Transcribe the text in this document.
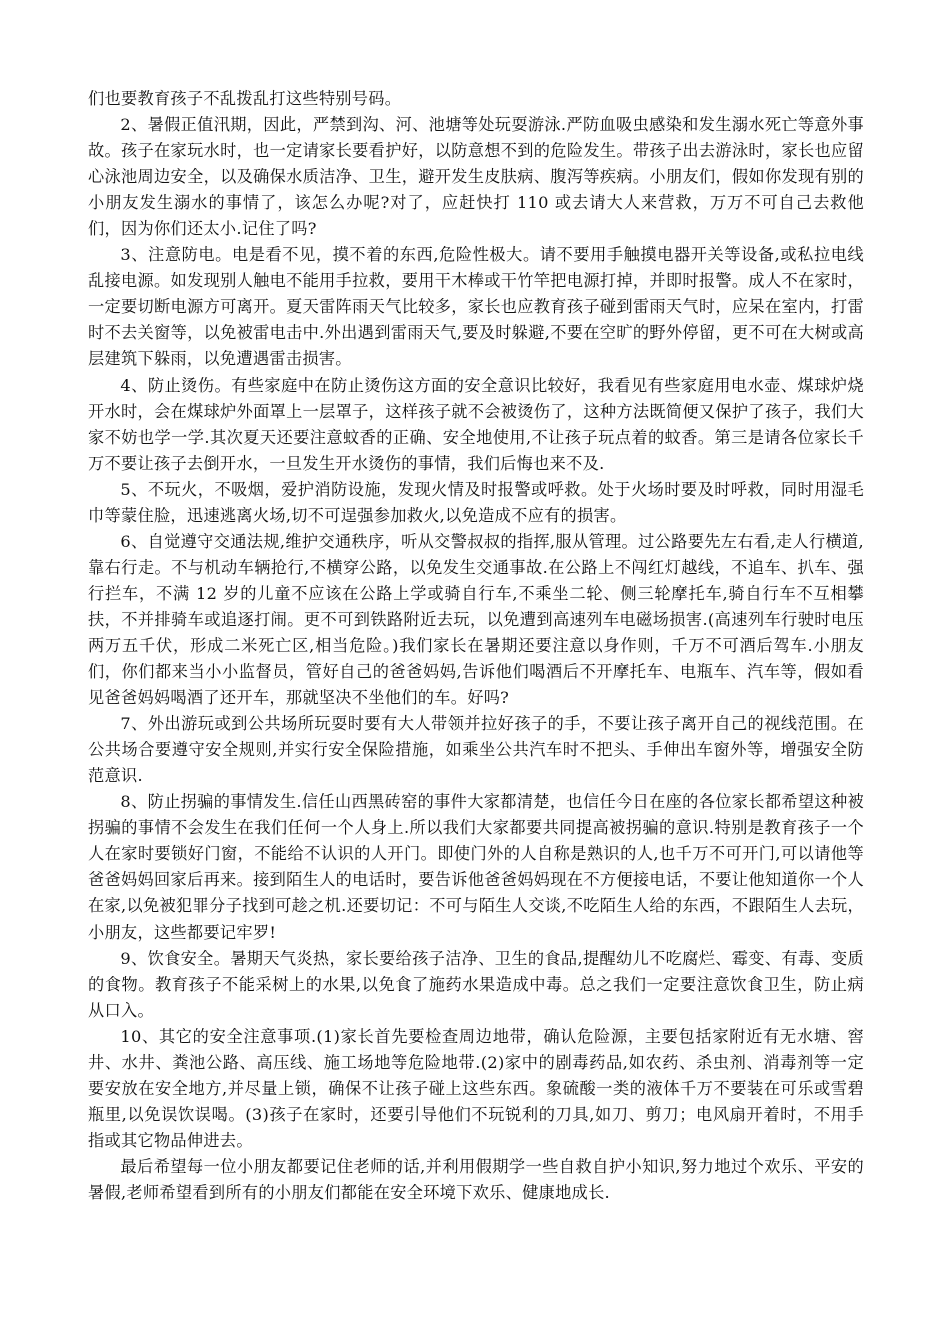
们也要教育孩子不乱拨乱打这些特别号码。

2、暑假正值汛期，因此，严禁到沟、河、池塘等处玩耍游泳.严防血吸虫感染和发生溺水死亡等意外事故。孩子在家玩水时，也一定请家长要看护好，以防意想不到的危险发生。带孩子出去游泳时，家长也应留心泳池周边安全，以及确保水质洁净、卫生，避开发生皮肤病、腹泻等疾病。小朋友们，假如你发现有别的小朋友发生溺水的事情了，该怎么办呢?对了，应赶快打 110 或去请大人来营救，万万不可自己去救他们，因为你们还太小.记住了吗?

3、注意防电。电是看不见，摸不着的东西,危险性极大。请不要用手触摸电器开关等设备,或私拉电线乱接电源。如发现别人触电不能用手拉救，要用干木棒或干竹竿把电源打掉，并即时报警。成人不在家时，一定要切断电源方可离开。夏天雷阵雨天气比较多，家长也应教育孩子碰到雷雨天气时，应呆在室内，打雷时不去关窗等，以免被雷电击中.外出遇到雷雨天气,要及时躲避,不要在空旷的野外停留，更不可在大树或高层建筑下躲雨，以免遭遇雷击损害。

4、防止烫伤。有些家庭中在防止烫伤这方面的安全意识比较好，我看见有些家庭用电水壶、煤球炉烧开水时，会在煤球炉外面罩上一层罩子，这样孩子就不会被烫伤了，这种方法既简便又保护了孩子，我们大家不妨也学一学.其次夏天还要注意蚊香的正确、安全地使用,不让孩子玩点着的蚊香。第三是请各位家长千万不要让孩子去倒开水，一旦发生开水烫伤的事情，我们后悔也来不及.

5、不玩火，不吸烟，爱护消防设施，发现火情及时报警或呼救。处于火场时要及时呼救，同时用湿毛巾等蒙住脸，迅速逃离火场,切不可逞强参加救火,以免造成不应有的损害。

6、自觉遵守交通法规,维护交通秩序，听从交警叔叔的指挥,服从管理。过公路要先左右看,走人行横道,靠右行走。不与机动车辆抢行,不横穿公路，以免发生交通事故.在公路上不闯红灯越线，不追车、扒车、强行拦车，不满 12 岁的儿童不应该在公路上学或骑自行车,不乘坐二轮、侧三轮摩托车,骑自行车不互相攀扶，不并排骑车或追逐打闹。更不可到铁路附近去玩，以免遭到高速列车电磁场损害.(高速列车行驶时电压两万五千伏，形成二米死亡区,相当危险。)我们家长在暑期还要注意以身作则，千万不可酒后驾车.小朋友们，你们都来当小小监督员，管好自己的爸爸妈妈,告诉他们喝酒后不开摩托车、电瓶车、汽车等，假如看见爸爸妈妈喝酒了还开车，那就坚决不坐他们的车。好吗?

7、外出游玩或到公共场所玩耍时要有大人带领并拉好孩子的手，不要让孩子离开自己的视线范围。在公共场合要遵守安全规则,并实行安全保险措施，如乘坐公共汽车时不把头、手伸出车窗外等，增强安全防范意识.

8、防止拐骗的事情发生.信任山西黑砖窑的事件大家都清楚，也信任今日在座的各位家长都希望这种被拐骗的事情不会发生在我们任何一个人身上.所以我们大家都要共同提高被拐骗的意识.特别是教育孩子一个人在家时要锁好门窗，不能给不认识的人开门。即使门外的人自称是熟识的人,也千万不可开门,可以请他等爸爸妈妈回家后再来。接到陌生人的电话时，要告诉他爸爸妈妈现在不方便接电话，不要让他知道你一个人在家,以免被犯罪分子找到可趁之机.还要切记：不可与陌生人交谈,不吃陌生人给的东西，不跟陌生人去玩，小朋友，这些都要记牢罗!

9、饮食安全。暑期天气炎热，家长要给孩子洁净、卫生的食品,提醒幼儿不吃腐烂、霉变、有毒、变质的食物。教育孩子不能采树上的水果,以免食了施药水果造成中毒。总之我们一定要注意饮食卫生，防止病从口入。

10、其它的安全注意事项.(1)家长首先要检查周边地带，确认危险源，主要包括家附近有无水塘、窖井、水井、粪池公路、高压线、施工场地等危险地带.(2)家中的剧毒药品,如农药、杀虫剂、消毒剂等一定要安放在安全地方,并尽量上锁，确保不让孩子碰上这些东西。象硫酸一类的液体千万不要装在可乐或雪碧瓶里,以免误饮误喝。(3)孩子在家时，还要引导他们不玩锐利的刀具,如刀、剪刀；电风扇开着时，不用手指或其它物品伸进去。

最后希望每一位小朋友都要记住老师的话,并利用假期学一些自救自护小知识,努力地过个欢乐、平安的暑假,老师希望看到所有的小朋友们都能在安全环境下欢乐、健康地成长.
